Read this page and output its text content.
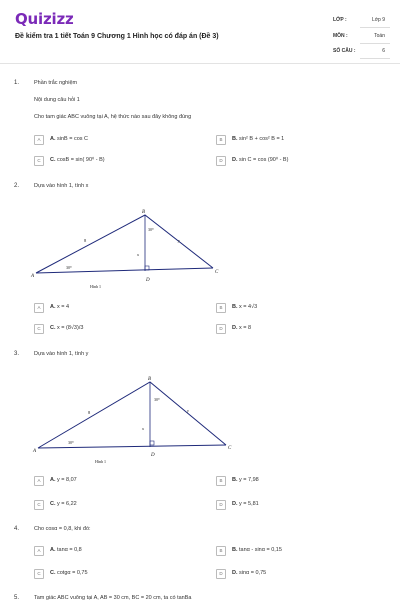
Quizizz
Đề kiểm tra 1 tiết Toán 9 Chương 1 Hình học có đáp án (Đề 3)
LỚP :	Lớp 9
MÔN :	Toán
SỐ CÂU :	6
1.	Phần trắc nghiệm
Nội dung câu hỏi 1
Cho tam giác ABC vuông tại A, hệ thức nào sau đây không đúng
A	A. sinB = cos C	B	B. sin² B + cos² B = 1
C	C. cosB = sin( 90⁰ - B)	D	D. sin C = cos (90⁰ - B)
2.	Dựa vào hình 1, tính x
A
B
C
D
8
x
y
30⁰
30⁰
Hình 1
A	A. x = 4	B	B. x = 4√3
C	C. x = (8√3)/3	D	D. x = 8
3.	Dựa vào hình 1, tính y
A
B
C
D
8
x
y
30⁰
30⁰
Hình 1
A	A. y = 8,07	B	B. y = 7,98
C	C. y = 6,22	D	D. y = 5,81
4.	Cho cosα = 0,8, khi đó:
A	A. tanα = 0,8	B	B. tanα - sinα = 0,15
C	C. cotgα = 0,75	D	D. sinα = 0,75
5.	Tam giác ABC vuông tại A, AB = 30 cm, BC = 20 cm, ta có tanBa
